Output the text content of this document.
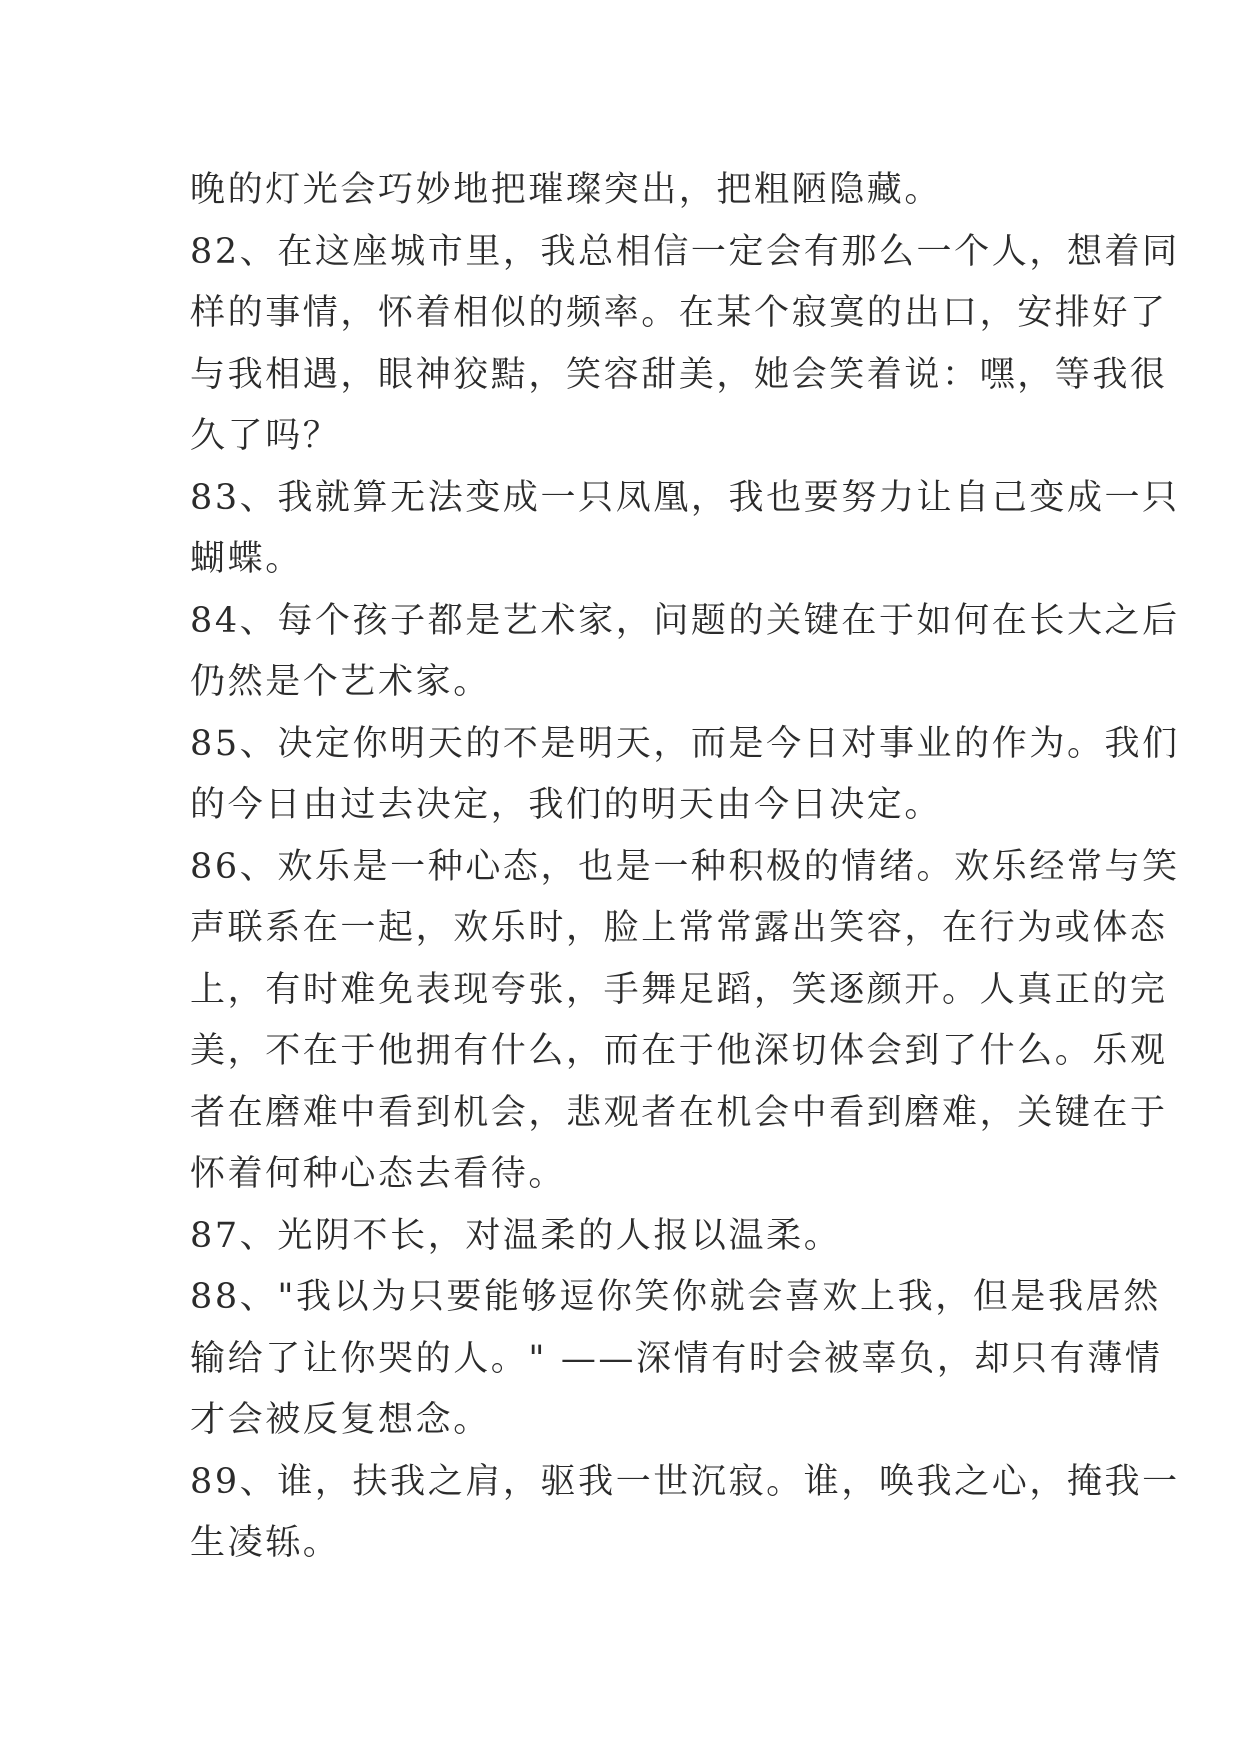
晚的灯光会巧妙地把璀璨突出，把粗陋隐藏。
82、在这座城市里，我总相信一定会有那么一个人，想着同
样的事情，怀着相似的频率。在某个寂寞的出口，安排好了
与我相遇，眼神狡黠，笑容甜美，她会笑着说：嘿，等我很
久了吗？
83、我就算无法变成一只凤凰，我也要努力让自己变成一只
蝴蝶。
84、每个孩子都是艺术家，问题的关键在于如何在长大之后
仍然是个艺术家。
85、决定你明天的不是明天，而是今日对事业的作为。我们
的今日由过去决定，我们的明天由今日决定。
86、欢乐是一种心态，也是一种积极的情绪。欢乐经常与笑
声联系在一起，欢乐时，脸上常常露出笑容，在行为或体态
上，有时难免表现夸张，手舞足蹈，笑逐颜开。人真正的完
美，不在于他拥有什么，而在于他深切体会到了什么。乐观
者在磨难中看到机会，悲观者在机会中看到磨难，关键在于
怀着何种心态去看待。
87、光阴不长，对温柔的人报以温柔。
88、"我以为只要能够逗你笑你就会喜欢上我，但是我居然
输给了让你哭的人。" ——深情有时会被辜负，却只有薄情
才会被反复想念。
89、谁，扶我之肩，驱我一世沉寂。谁，唤我之心，掩我一
生凌轹。
